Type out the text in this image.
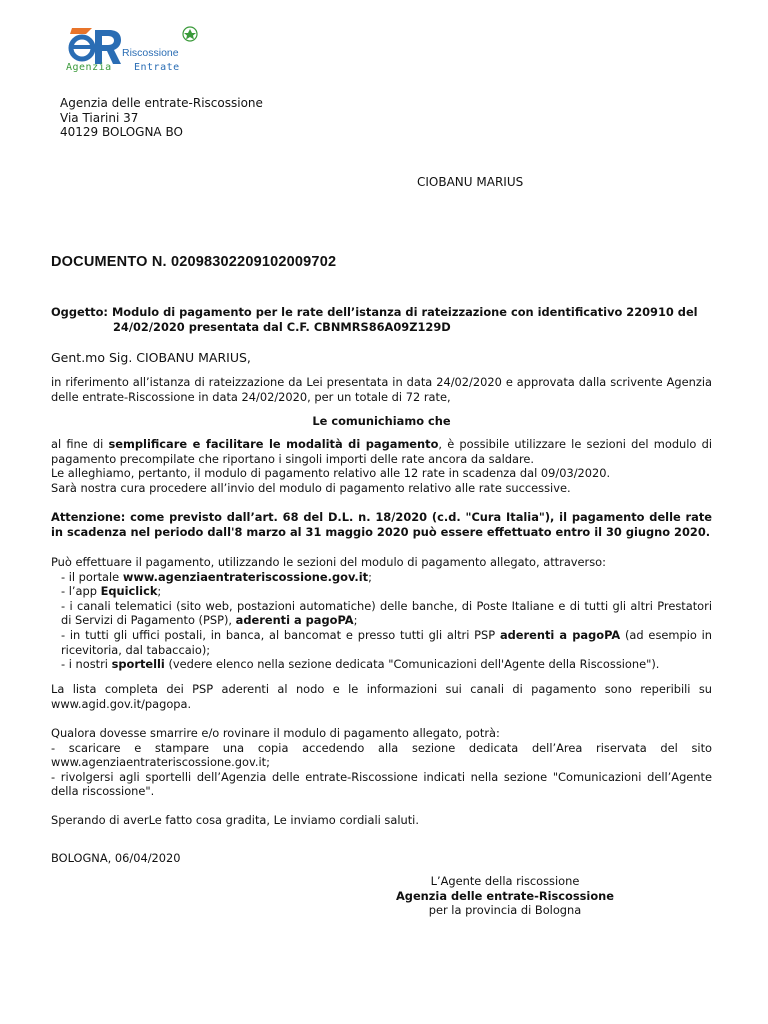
Riscossione
Agenzia Entrate
Agenzia delle entrate-Riscossione
Via Tiarini 37
40129 BOLOGNA BO
CIOBANU MARIUS
DOCUMENTO N. 02098302209102009702
Oggetto: Modulo di pagamento per le rate dell’istanza di rateizzazione con identificativo 220910 del
24/02/2020 presentata dal C.F. CBNMRS86A09Z129D
Gent.mo Sig. CIOBANU MARIUS,

in riferimento all’istanza di rateizzazione da Lei presentata in data 24/02/2020 e approvata dalla scrivente Agenzia delle entrate-Riscossione in data 24/02/2020, per un totale di 72 rate,

Le comunichiamo che

al fine di semplificare e facilitare le modalità di pagamento, è possibile utilizzare le sezioni del modulo di pagamento precompilate che riportano i singoli importi delle rate ancora da saldare.

Le alleghiamo, pertanto, il modulo di pagamento relativo alle 12 rate in scadenza dal 09/03/2020.

Sarà nostra cura procedere all’invio del modulo di pagamento relativo alle rate successive.

Attenzione: come previsto dall’art. 68 del D.L. n. 18/2020 (c.d. "Cura Italia"), il pagamento delle rate in scadenza nel periodo dall'8 marzo al 31 maggio 2020 può essere effettuato entro il 30 giugno 2020.

Può effettuare il pagamento, utilizzando le sezioni del modulo di pagamento allegato, attraverso:

- il portale www.agenziaentrateriscossione.gov.it;

- l’app Equiclick;

- i canali telematici (sito web, postazioni automatiche) delle banche, di Poste Italiane e di tutti gli altri Prestatori di Servizi di Pagamento (PSP), aderenti a pagoPA;

- in tutti gli uffici postali, in banca, al bancomat e presso tutti gli altri PSP aderenti a pagoPA (ad esempio in ricevitoria, dal tabaccaio);

- i nostri sportelli (vedere elenco nella sezione dedicata "Comunicazioni dell'Agente della Riscossione").

La lista completa dei PSP aderenti al nodo e le informazioni sui canali di pagamento sono reperibili su www.agid.gov.it/pagopa.

Qualora dovesse smarrire e/o rovinare il modulo di pagamento allegato, potrà:

- scaricare e stampare una copia accedendo alla sezione dedicata dell’Area riservata del sito www.agenziaentrateriscossione.gov.it;

- rivolgersi agli sportelli dell’Agenzia delle entrate-Riscossione indicati nella sezione "Comunicazioni dell’Agente della riscossione".

Sperando di averLe fatto cosa gradita, Le inviamo cordiali saluti.
BOLOGNA, 06/04/2020
L’Agente della riscossione
Agenzia delle entrate-Riscossione
per la provincia di Bologna
